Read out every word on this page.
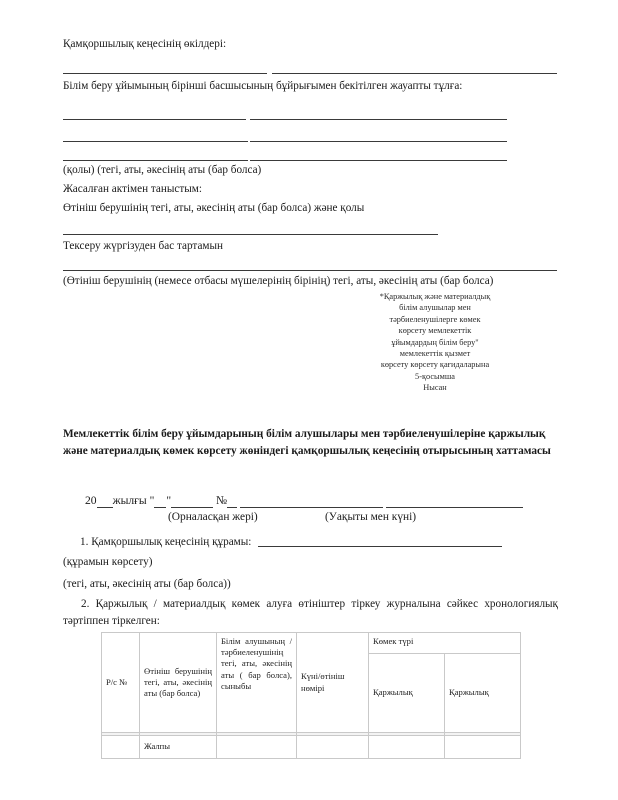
Қамқоршылық кеңесінің өкілдері:
Білім беру ұйымының бірінші басшысының бұйрығымен бекітілген жауапты тұлға:
(қолы) (тегі, аты, әкесінің аты (бар болса)
Жасалған актімен таныстым:
Өтініш берушінің тегі, аты, әкесінің аты (бар болса) және қолы
Тексеру жүргізуден бас тартамын
(Өтініш берушінің (немесе отбасы мүшелерінің бірінің) тегі, аты, әкесінің аты (бар болса)
*Қаржылық және материалдық
білім алушылар мен
тәрбиеленушілерге көмек
көрсету мемлекеттік
ұйымдардың білім беру"
мемлекеттік қызмет
көрсету көрсету қағидаларына
5-қосымша
Нысан
Мемлекеттік білім беру ұйымдарының білім алушылары мен тәрбиеленушілеріне қаржылық және материалдық көмек көрсету жөніндегі қамқоршылық кеңесінің отырысының хаттамасы
20 жылғы " "	№
(Орналасқан жері)	(Уақыты мен күні)
1. Қамқоршылық кеңесінің құрамы:
(құрамын көрсету)
(тегі, аты, әкесінің аты (бар болса))
2. Қаржылық / материалдық көмек алуға өтініштер тіркеу журналына сәйкес хронологиялық тәртіппен тіркелген:
Р/с №	Өтініш берушінің тегі, аты, әкесінің аты (бар болса)	Білім алушының / тәрбиеленушінің тегі, аты, әкесінің аты ( бар болса), сыныбы	Күні/өтініш нөмірі	Көмек түрі	
				Қаржылық	Қаржылық

	Жалпы				
